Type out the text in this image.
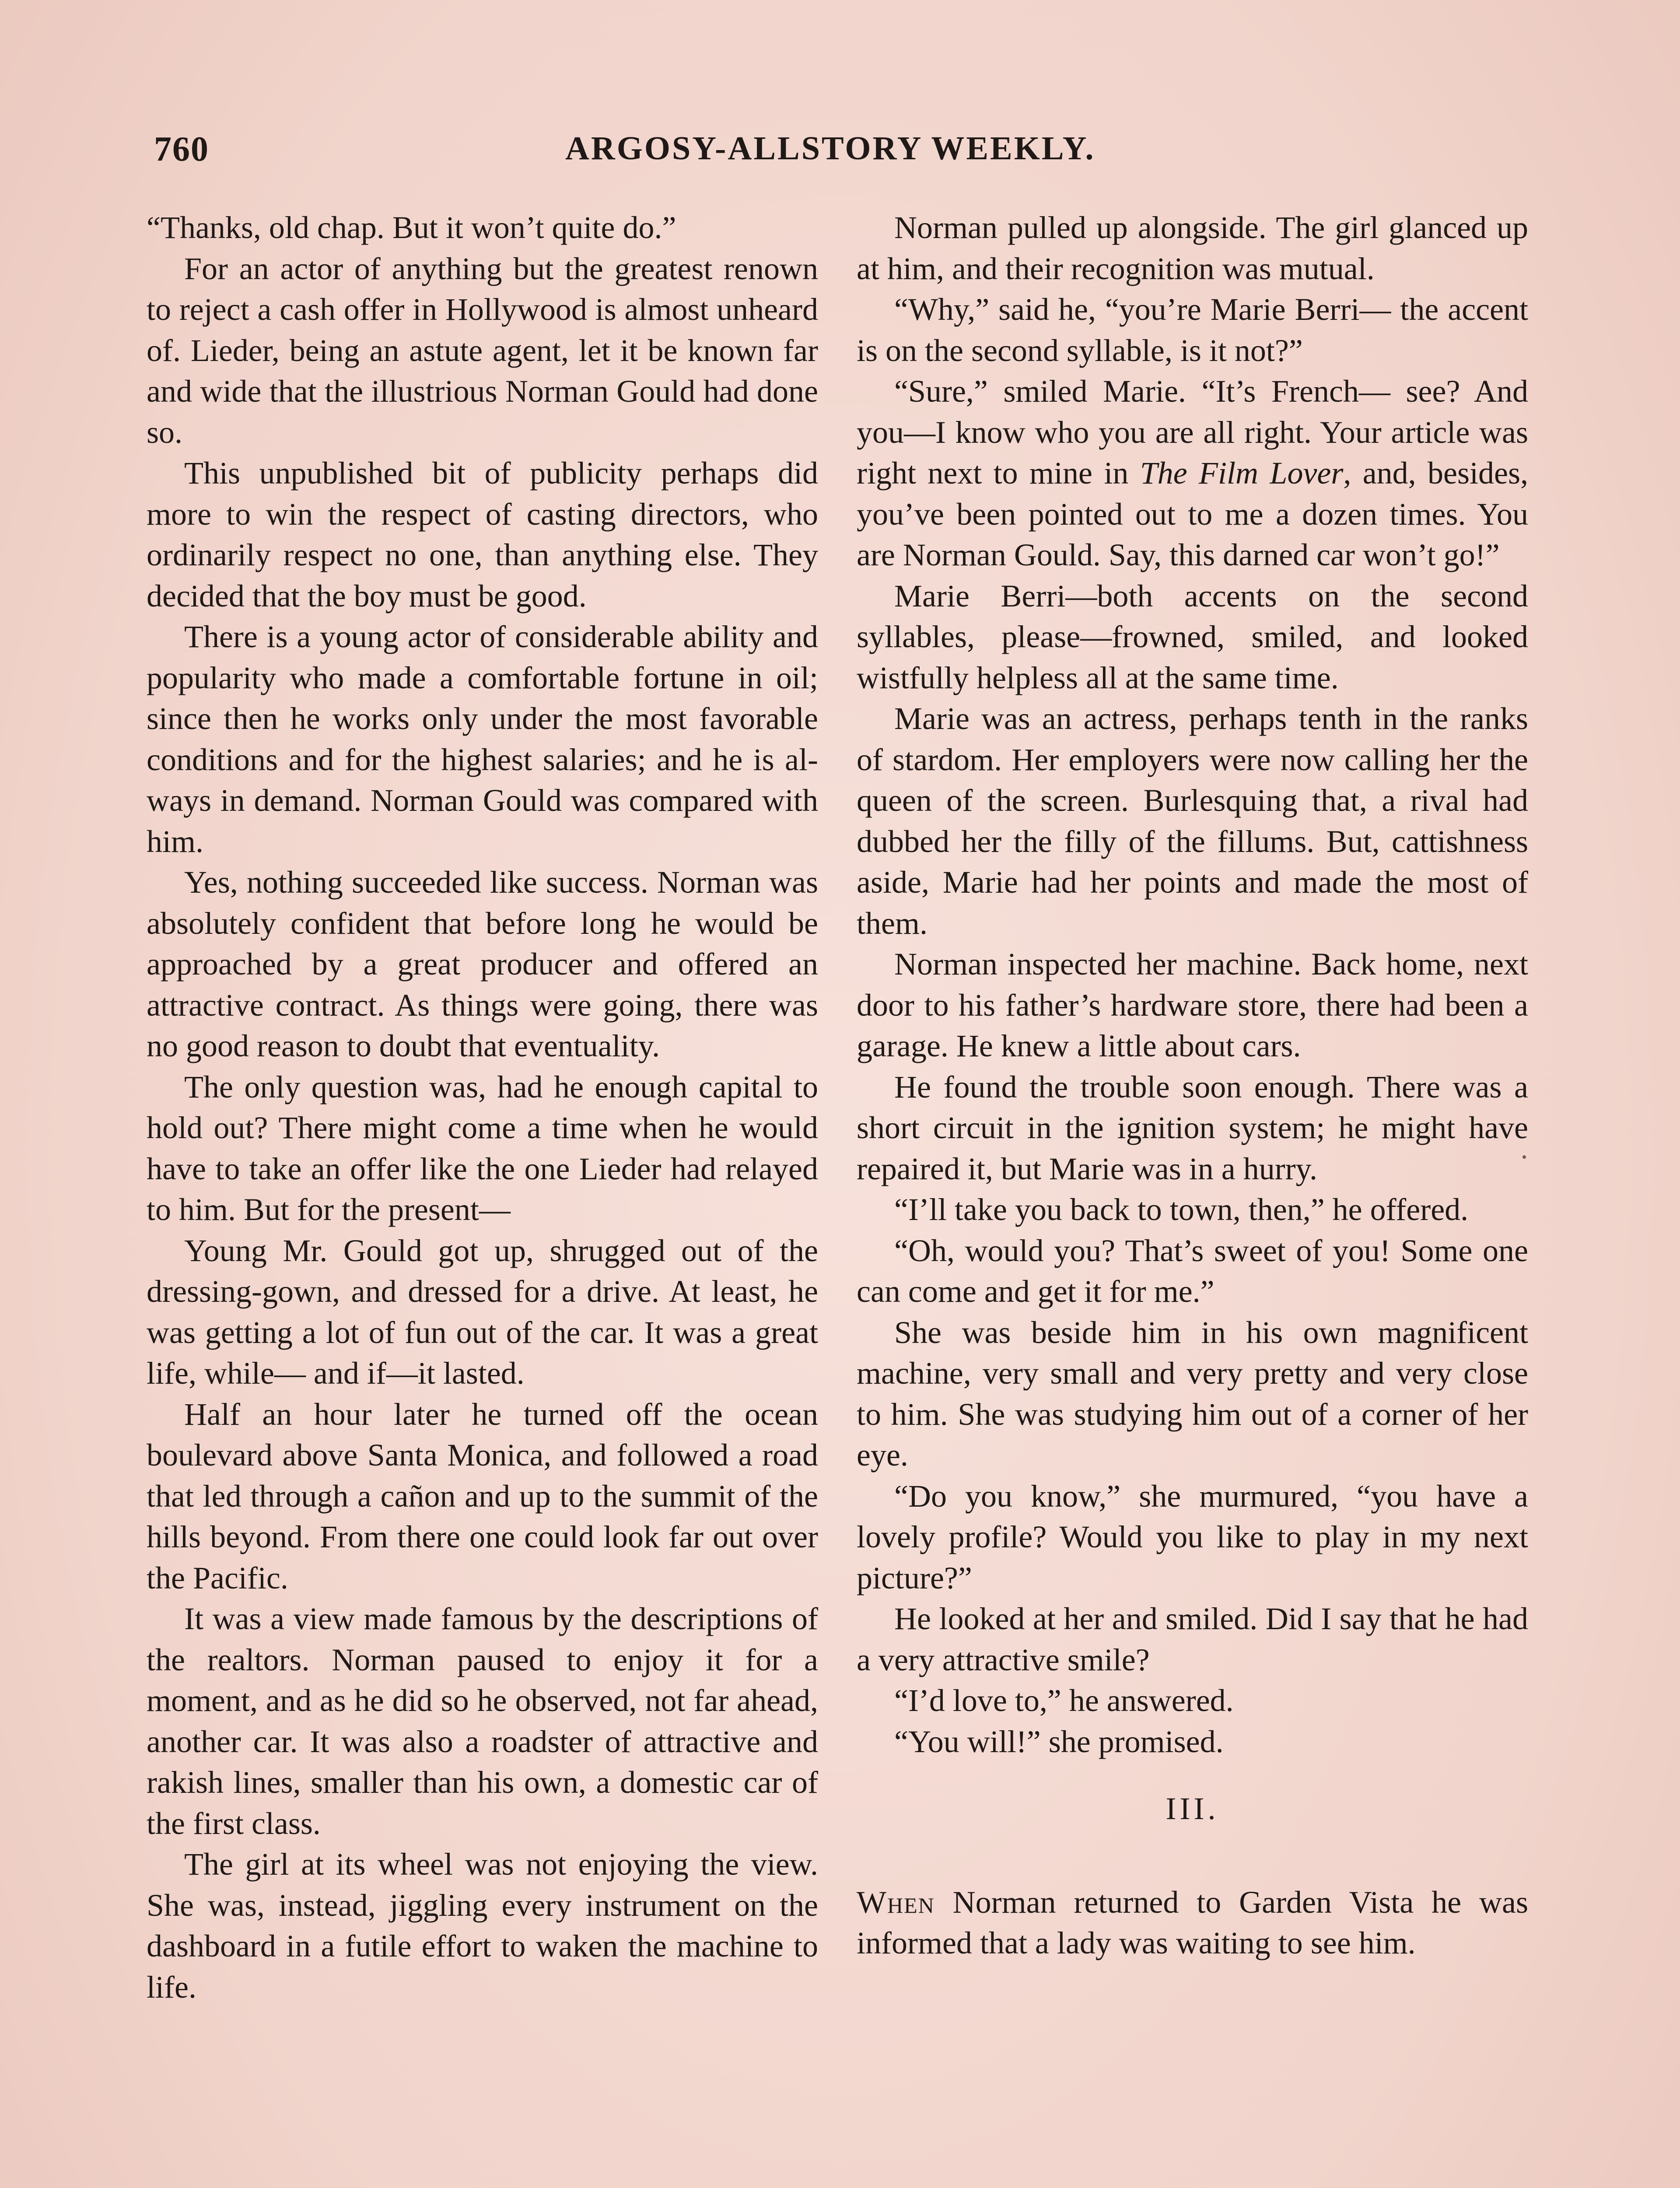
760	ARGOSY-ALLSTORY WEEKLY.

“Thanks, old chap. But it won’t quite do.”

For an actor of anything but the greatest renown to reject a cash offer in Hollywood is almost unheard of. Lieder, being an astute agent, let it be known far and wide that the illustrious Norman Gould had done so.

This unpublished bit of publicity perhaps did more to win the respect of casting directors, who ordinarily respect no one, than anything else. They decided that the boy must be good.

There is a young actor of considerable ability and popularity who made a comfortable fortune in oil; since then he works only under the most favorable conditions and for the highest salaries; and he is always in demand. Norman Gould was compared with him.

Yes, nothing succeeded like success. Norman was absolutely confident that before long he would be approached by a great producer and offered an attractive contract. As things were going, there was no good reason to doubt that eventuality.

The only question was, had he enough capital to hold out? There might come a time when he would have to take an offer like the one Lieder had relayed to him. But for the present—

Young Mr. Gould got up, shrugged out of the dressing-gown, and dressed for a drive. At least, he was getting a lot of fun out of the car. It was a great life, while— and if—it lasted.

Half an hour later he turned off the ocean boulevard above Santa Monica, and followed a road that led through a cañon and up to the summit of the hills beyond. From there one could look far out over the Pacific.

It was a view made famous by the descriptions of the realtors. Norman paused to enjoy it for a moment, and as he did so he observed, not far ahead, another car. It was also a roadster of attractive and rakish lines, smaller than his own, a domestic car of the first class.

The girl at its wheel was not enjoying the view. She was, instead, jiggling every instrument on the dashboard in a futile effort to waken the machine to life.

Norman pulled up alongside. The girl glanced up at him, and their recognition was mutual.

“Why,” said he, “you’re Marie Berri— the accent is on the second syllable, is it not?”

“Sure,” smiled Marie. “It’s French— see? And you—I know who you are all right. Your article was right next to mine in The Film Lover, and, besides, you’ve been pointed out to me a dozen times. You are Norman Gould. Say, this darned car won’t go!”

Marie Berri—both accents on the second syllables, please—frowned, smiled, and looked wistfully helpless all at the same time.

Marie was an actress, perhaps tenth in the ranks of stardom. Her employers were now calling her the queen of the screen. Burlesquing that, a rival had dubbed her the filly of the fillums. But, cattishness aside, Marie had her points and made the most of them.

Norman inspected her machine. Back home, next door to his father’s hardware store, there had been a garage. He knew a little about cars.

He found the trouble soon enough. There was a short circuit in the ignition system; he might have repaired it, but Marie was in a hurry.

“I’ll take you back to town, then,” he offered.

“Oh, would you? That’s sweet of you! Some one can come and get it for me.”

She was beside him in his own magnificent machine, very small and very pretty and very close to him. She was studying him out of a corner of her eye.

“Do you know,” she murmured, “you have a lovely profile? Would you like to play in my next picture?”

He looked at her and smiled. Did I say that he had a very attractive smile?

“I’d love to,” he answered.

“You will!” she promised.

III.

When Norman returned to Garden Vista he was informed that a lady was waiting to see him.
